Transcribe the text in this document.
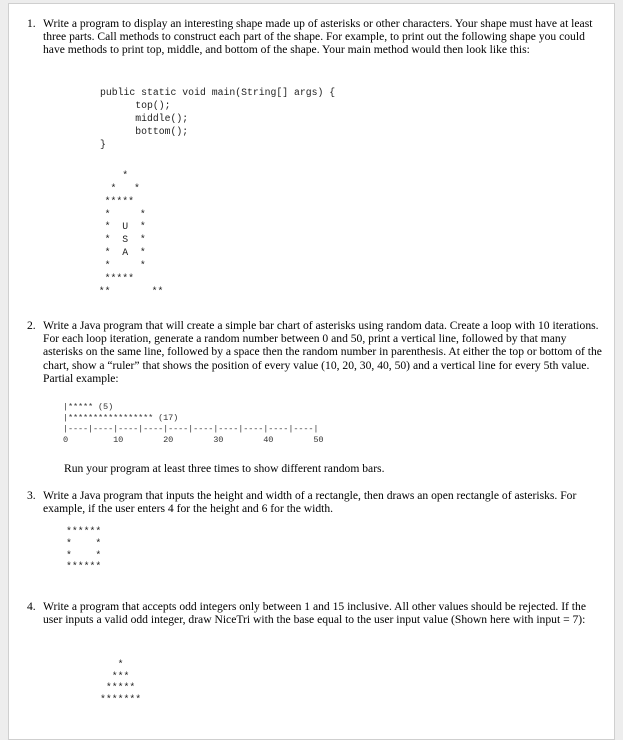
1. Write a program to display an interesting shape made up of asterisks or other characters. Your shape must have at least three parts. Call methods to construct each part of the shape. For example, to print out the following shape you could have methods to print top, middle, and bottom of the shape. Your main method would then look like this:

public static void main(String[] args) {
top();
middle();
bottom();
}
*
*   *
*****
*     *
*  U  *
*  S  *
*  A  *
*     *
*****
**       **
2. Write a Java program that will create a simple bar chart of asterisks using random data. Create a loop with 10 iterations. For each loop iteration, generate a random number between 0 and 50, print a vertical line, followed by that many asterisks on the same line, followed by a space then the random number in parenthesis. At either the top or bottom of the chart, show a “ruler” that shows the position of every value (10, 20, 30, 40, 50) and a vertical line for every 5th value. Partial example:

|***** (5)
|***************** (17)
|----|----|----|----|----|----|----|----|----|----|
0         10        20        30        40        50
Run your program at least three times to show different random bars.
3. Write a Java program that inputs the height and width of a rectangle, then draws an open rectangle of asterisks. For example, if the user enters 4 for the height and 6 for the width.

******
*    *
*    *
******
4. Write a program that accepts odd integers only between 1 and 15 inclusive. All other values should be rejected. If the user inputs a valid odd integer, draw NiceTri with the base equal to the user input value (Shown here with input = 7):

*
***
*****
*******
